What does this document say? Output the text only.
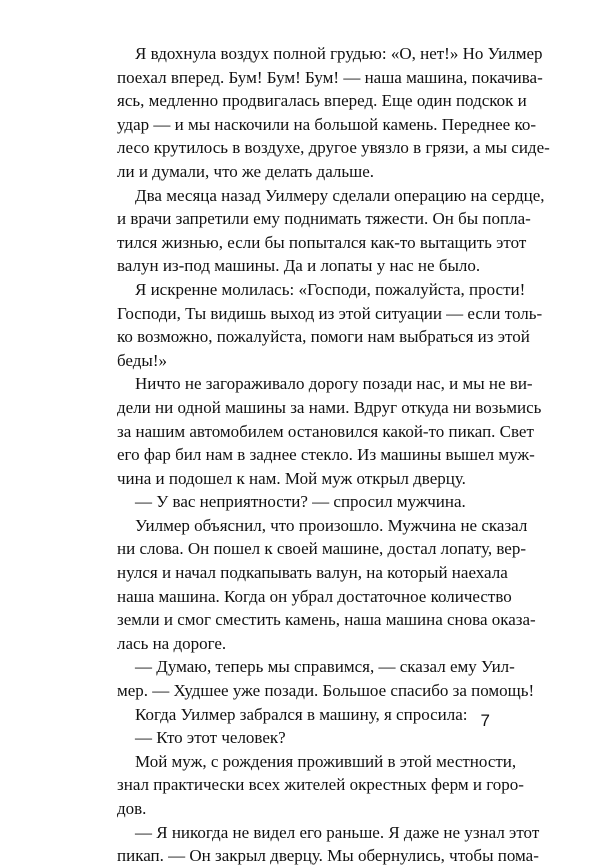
Я вдохнула воздух полной грудью: «О, нет!» Но Уилмер
поехал вперед. Бум! Бум! Бум! — наша машина, покачива-
ясь, медленно продвигалась вперед. Еще один подскок и
удар — и мы наскочили на большой камень. Переднее ко-
лесо крутилось в воздухе, другое увязло в грязи, а мы сиде-
ли и думали, что же делать дальше.
Два месяца назад Уилмеру сделали операцию на сердце,
и врачи запретили ему поднимать тяжести. Он бы попла-
тился жизнью, если бы попытался как-то вытащить этот
валун из-под машины. Да и лопаты у нас не было.
Я искренне молилась: «Господи, пожалуйста, прости!
Господи, Ты видишь выход из этой ситуации — если толь-
ко возможно, пожалуйста, помоги нам выбраться из этой
беды!»
Ничто не загораживало дорогу позади нас, и мы не ви-
дели ни одной машины за нами. Вдруг откуда ни возьмись
за нашим автомобилем остановился какой-то пикап. Свет
его фар бил нам в заднее стекло. Из машины вышел муж-
чина и подошел к нам. Мой муж открыл дверцу.
— У вас неприятности? — спросил мужчина.
Уилмер объяснил, что произошло. Мужчина не сказал
ни слова. Он пошел к своей машине, достал лопату, вер-
нулся и начал подкапывать валун, на который наехала
наша машина. Когда он убрал достаточное количество
земли и смог сместить камень, наша машина снова оказа-
лась на дороге.
— Думаю, теперь мы справимся, — сказал ему Уил-
мер. — Худшее уже позади. Большое спасибо за помощь!
Когда Уилмер забрался в машину, я спросила:
— Кто этот человек?
Мой муж, с рождения проживший в этой местности,
знал практически всех жителей окрестных ферм и горо-
дов.
— Я никогда не видел его раньше. Я даже не узнал этот
пикап. — Он закрыл дверцу. Мы обернулись, чтобы пома-
7
